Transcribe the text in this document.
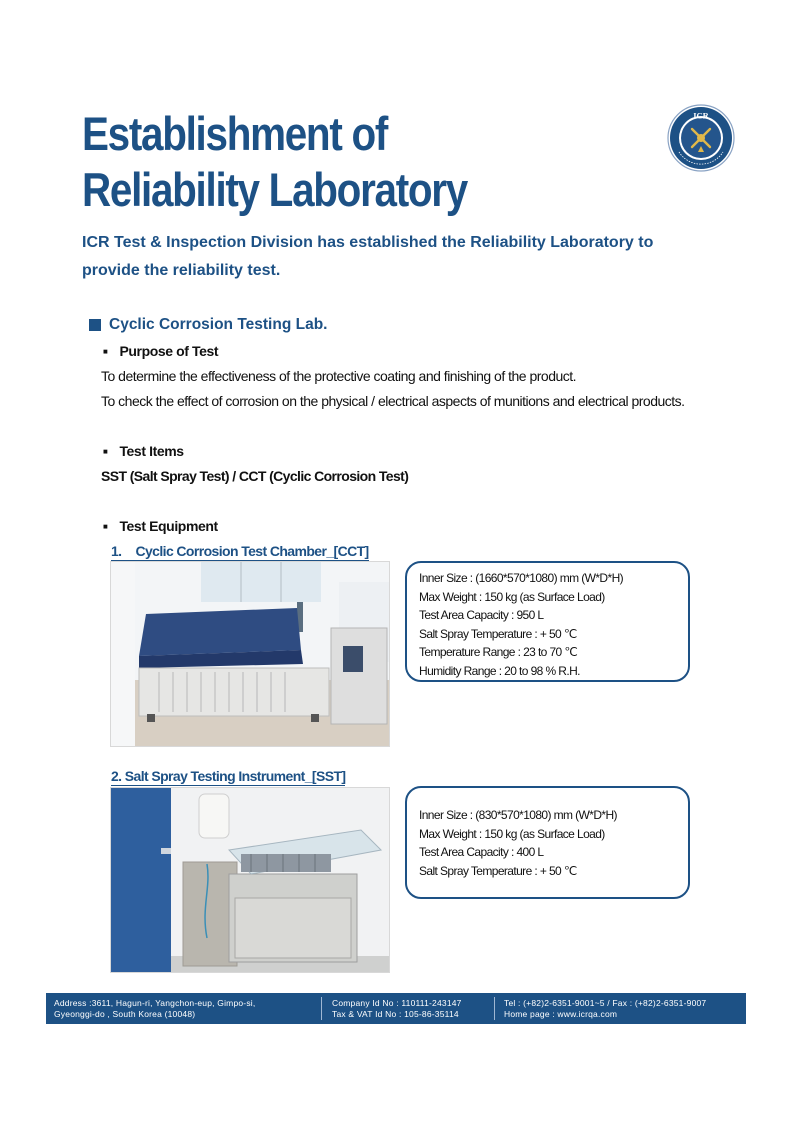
Establishment of
Reliability Laboratory
ICR
ICR Test & Inspection Division has established the Reliability Laboratory to provide the reliability test.
Cyclic Corrosion Testing Lab.
■ Purpose of Test
To determine the effectiveness of the protective coating and finishing of the product.
To check the effect of corrosion on the physical / electrical aspects of munitions and electrical products.
■ Test Items
SST (Salt Spray Test) / CCT (Cyclic Corrosion Test)
■ Test Equipment
1. Cyclic Corrosion Test Chamber_[CCT]
Inner Size : (1660*570*1080) mm (W*D*H)
Max Weight : 150 kg (as Surface Load)
Test Area Capacity : 950 L
Salt Spray Temperature : + 50 ℃
Temperature Range : 23 to 70 ℃
Humidity Range : 20 to 98 % R.H.
2. Salt Spray Testing Instrument_[SST]
Inner Size : (830*570*1080) mm (W*D*H)
Max Weight : 150 kg (as Surface Load)
Test Area Capacity : 400 L
Salt Spray Temperature : + 50 ℃
Address :3611, Hagun-ri, Yangchon-eup, Gimpo-si,
Gyeonggi-do , South Korea (10048)
Company Id No : 110111-243147
Tax & VAT Id No : 105-86-35114
Tel : (+82)2-6351-9001~5 / Fax : (+82)2-6351-9007
Home page : www.icrqa.com
